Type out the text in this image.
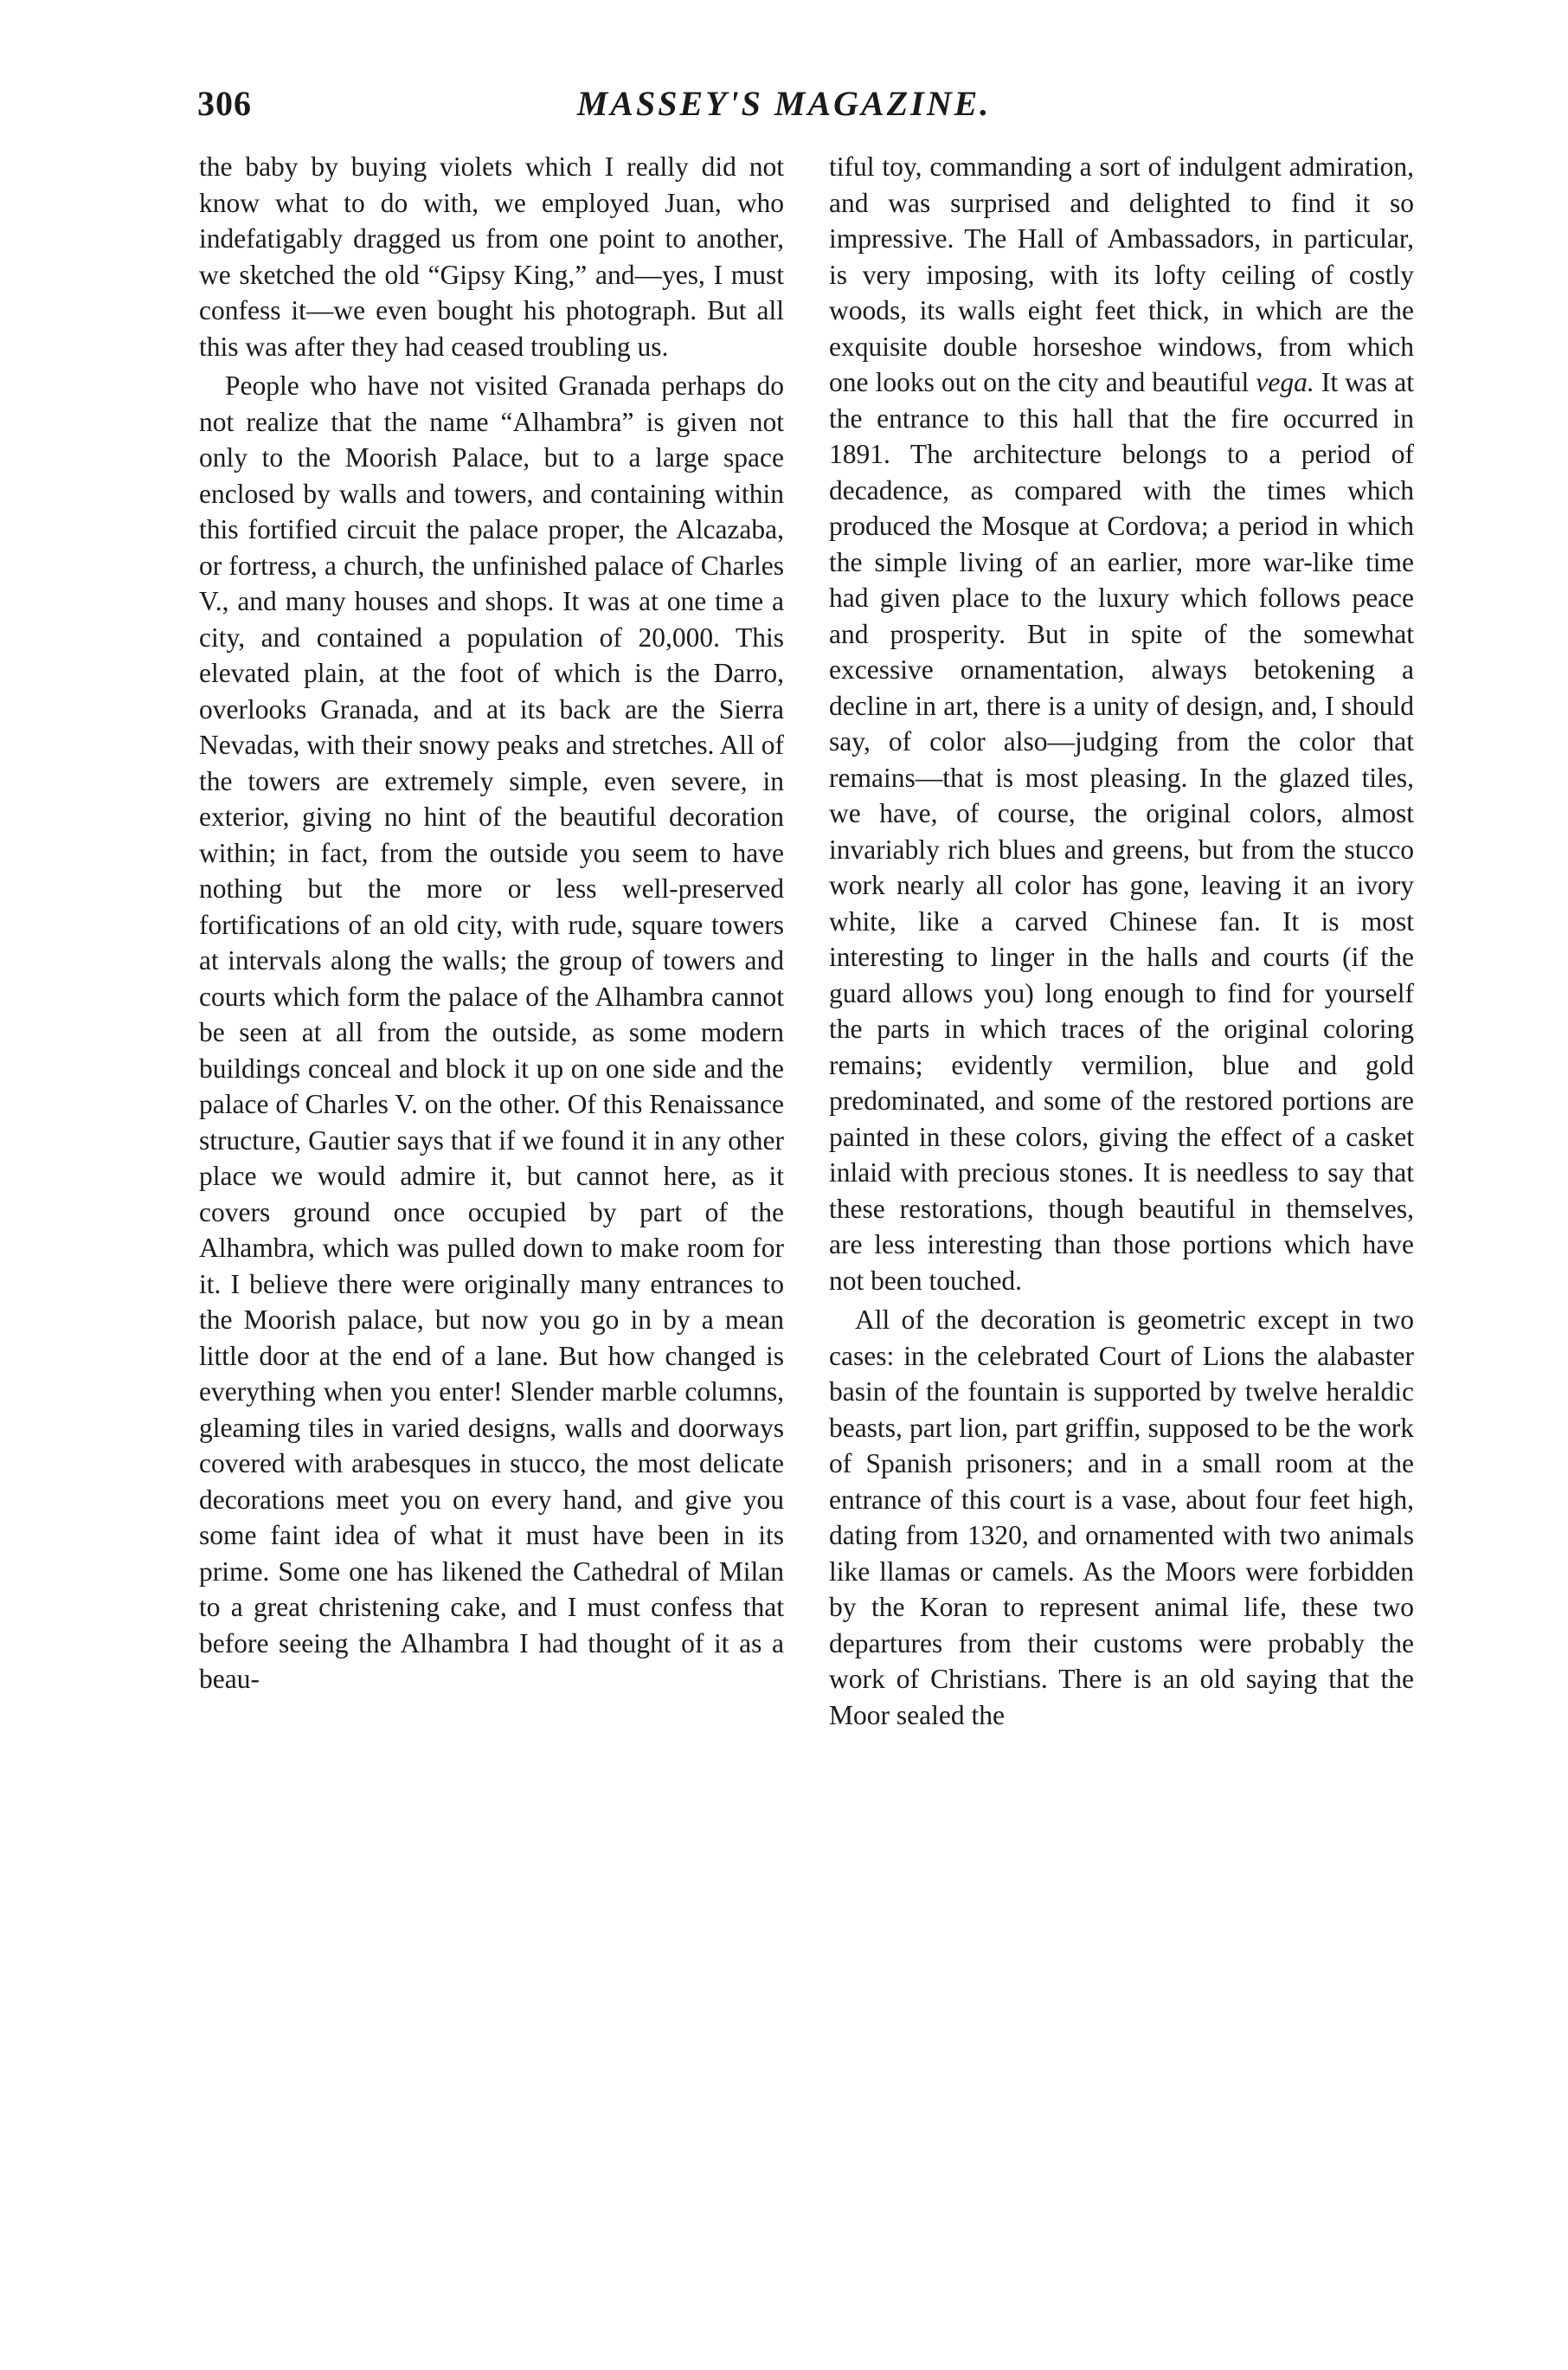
306	MASSEY'S MAGAZINE.

the baby by buying violets which I really did not know what to do with, we employed Juan, who indefatigably dragged us from one point to another, we sketched the old “Gipsy King,” and—yes, I must confess it—we even bought his photograph. But all this was after they had ceased troubling us.

People who have not visited Granada perhaps do not realize that the name “Alhambra” is given not only to the Moorish Palace, but to a large space enclosed by walls and towers, and containing within this fortified circuit the palace proper, the Alcazaba, or fortress, a church, the unfinished palace of Charles V., and many houses and shops. It was at one time a city, and contained a population of 20,000. This elevated plain, at the foot of which is the Darro, overlooks Granada, and at its back are the Sierra Nevadas, with their snowy peaks and stretches. All of the towers are extremely simple, even severe, in exterior, giving no hint of the beautiful decoration within; in fact, from the outside you seem to have nothing but the more or less well-preserved fortifications of an old city, with rude, square towers at intervals along the walls; the group of towers and courts which form the palace of the Alhambra cannot be seen at all from the outside, as some modern buildings conceal and block it up on one side and the palace of Charles V. on the other. Of this Renaissance structure, Gautier says that if we found it in any other place we would admire it, but cannot here, as it covers ground once occupied by part of the Alhambra, which was pulled down to make room for it. I believe there were originally many entrances to the Moorish palace, but now you go in by a mean little door at the end of a lane. But how changed is everything when you enter! Slender marble columns, gleaming tiles in varied designs, walls and doorways covered with arabesques in stucco, the most delicate decorations meet you on every hand, and give you some faint idea of what it must have been in its prime. Some one has likened the Cathedral of Milan to a great christening cake, and I must confess that before seeing the Alhambra I had thought of it as a beau-

tiful toy, commanding a sort of indulgent admiration, and was surprised and delighted to find it so impressive. The Hall of Ambassadors, in particular, is very imposing, with its lofty ceiling of costly woods, its walls eight feet thick, in which are the exquisite double horseshoe windows, from which one looks out on the city and beautiful vega. It was at the entrance to this hall that the fire occurred in 1891. The architecture belongs to a period of decadence, as compared with the times which produced the Mosque at Cordova; a period in which the simple living of an earlier, more war-like time had given place to the luxury which follows peace and prosperity. But in spite of the somewhat excessive ornamentation, always betokening a decline in art, there is a unity of design, and, I should say, of color also—judging from the color that remains—that is most pleasing. In the glazed tiles, we have, of course, the original colors, almost invariably rich blues and greens, but from the stucco work nearly all color has gone, leaving it an ivory white, like a carved Chinese fan. It is most interesting to linger in the halls and courts (if the guard allows you) long enough to find for yourself the parts in which traces of the original coloring remains; evidently vermilion, blue and gold predominated, and some of the restored portions are painted in these colors, giving the effect of a casket inlaid with precious stones. It is needless to say that these restorations, though beautiful in themselves, are less interesting than those portions which have not been touched.

All of the decoration is geometric except in two cases: in the celebrated Court of Lions the alabaster basin of the fountain is supported by twelve heraldic beasts, part lion, part griffin, supposed to be the work of Spanish prisoners; and in a small room at the entrance of this court is a vase, about four feet high, dating from 1320, and ornamented with two animals like llamas or camels. As the Moors were forbidden by the Koran to represent animal life, these two departures from their customs were probably the work of Christians. There is an old saying that the Moor sealed the
